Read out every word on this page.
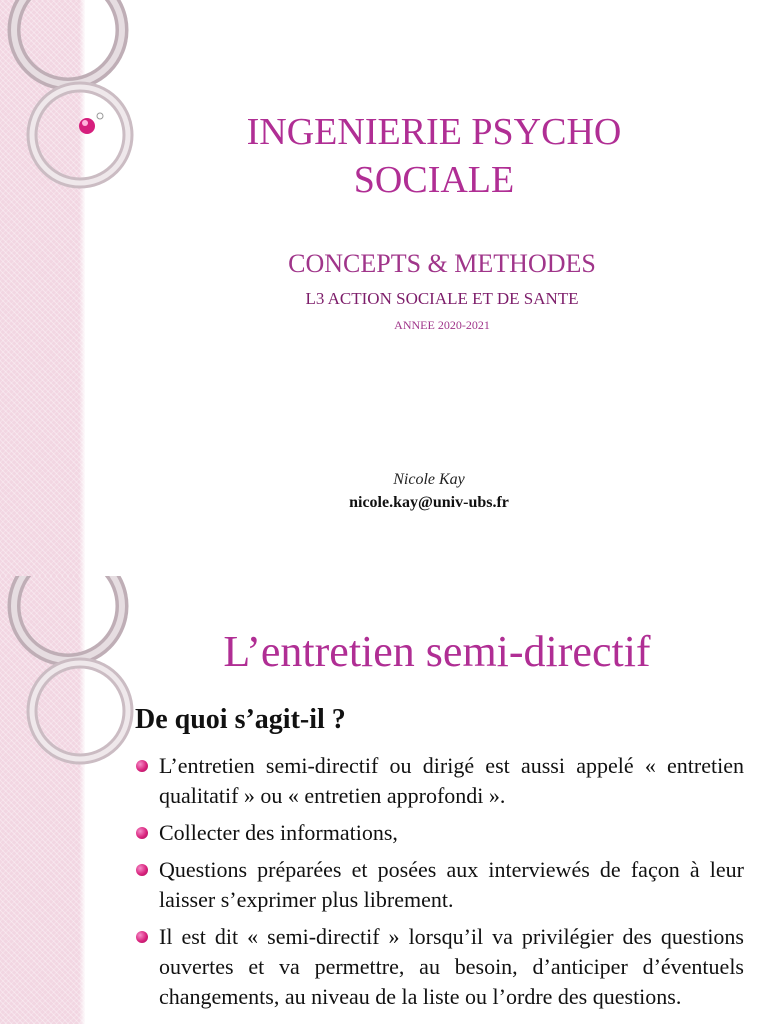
INGENIERIE PSYCHO
SOCIALE
CONCEPTS & METHODES
L3 ACTION SOCIALE ET DE SANTE
ANNEE 2020-2021
Nicole Kay
nicole.kay@univ-ubs.fr
L’entretien semi-directif
De quoi s’agit-il ?
L’entretien semi-directif ou dirigé est aussi appelé « entretien qualitatif » ou « entretien approfondi ».
Collecter des informations,
Questions préparées et posées aux interviewés de façon à leur laisser s’exprimer plus librement.
Il est dit « semi-directif » lorsqu’il va privilégier des questions ouvertes et va permettre, au besoin, d’anticiper d’éventuels changements, au niveau de la liste ou l’ordre des questions.
